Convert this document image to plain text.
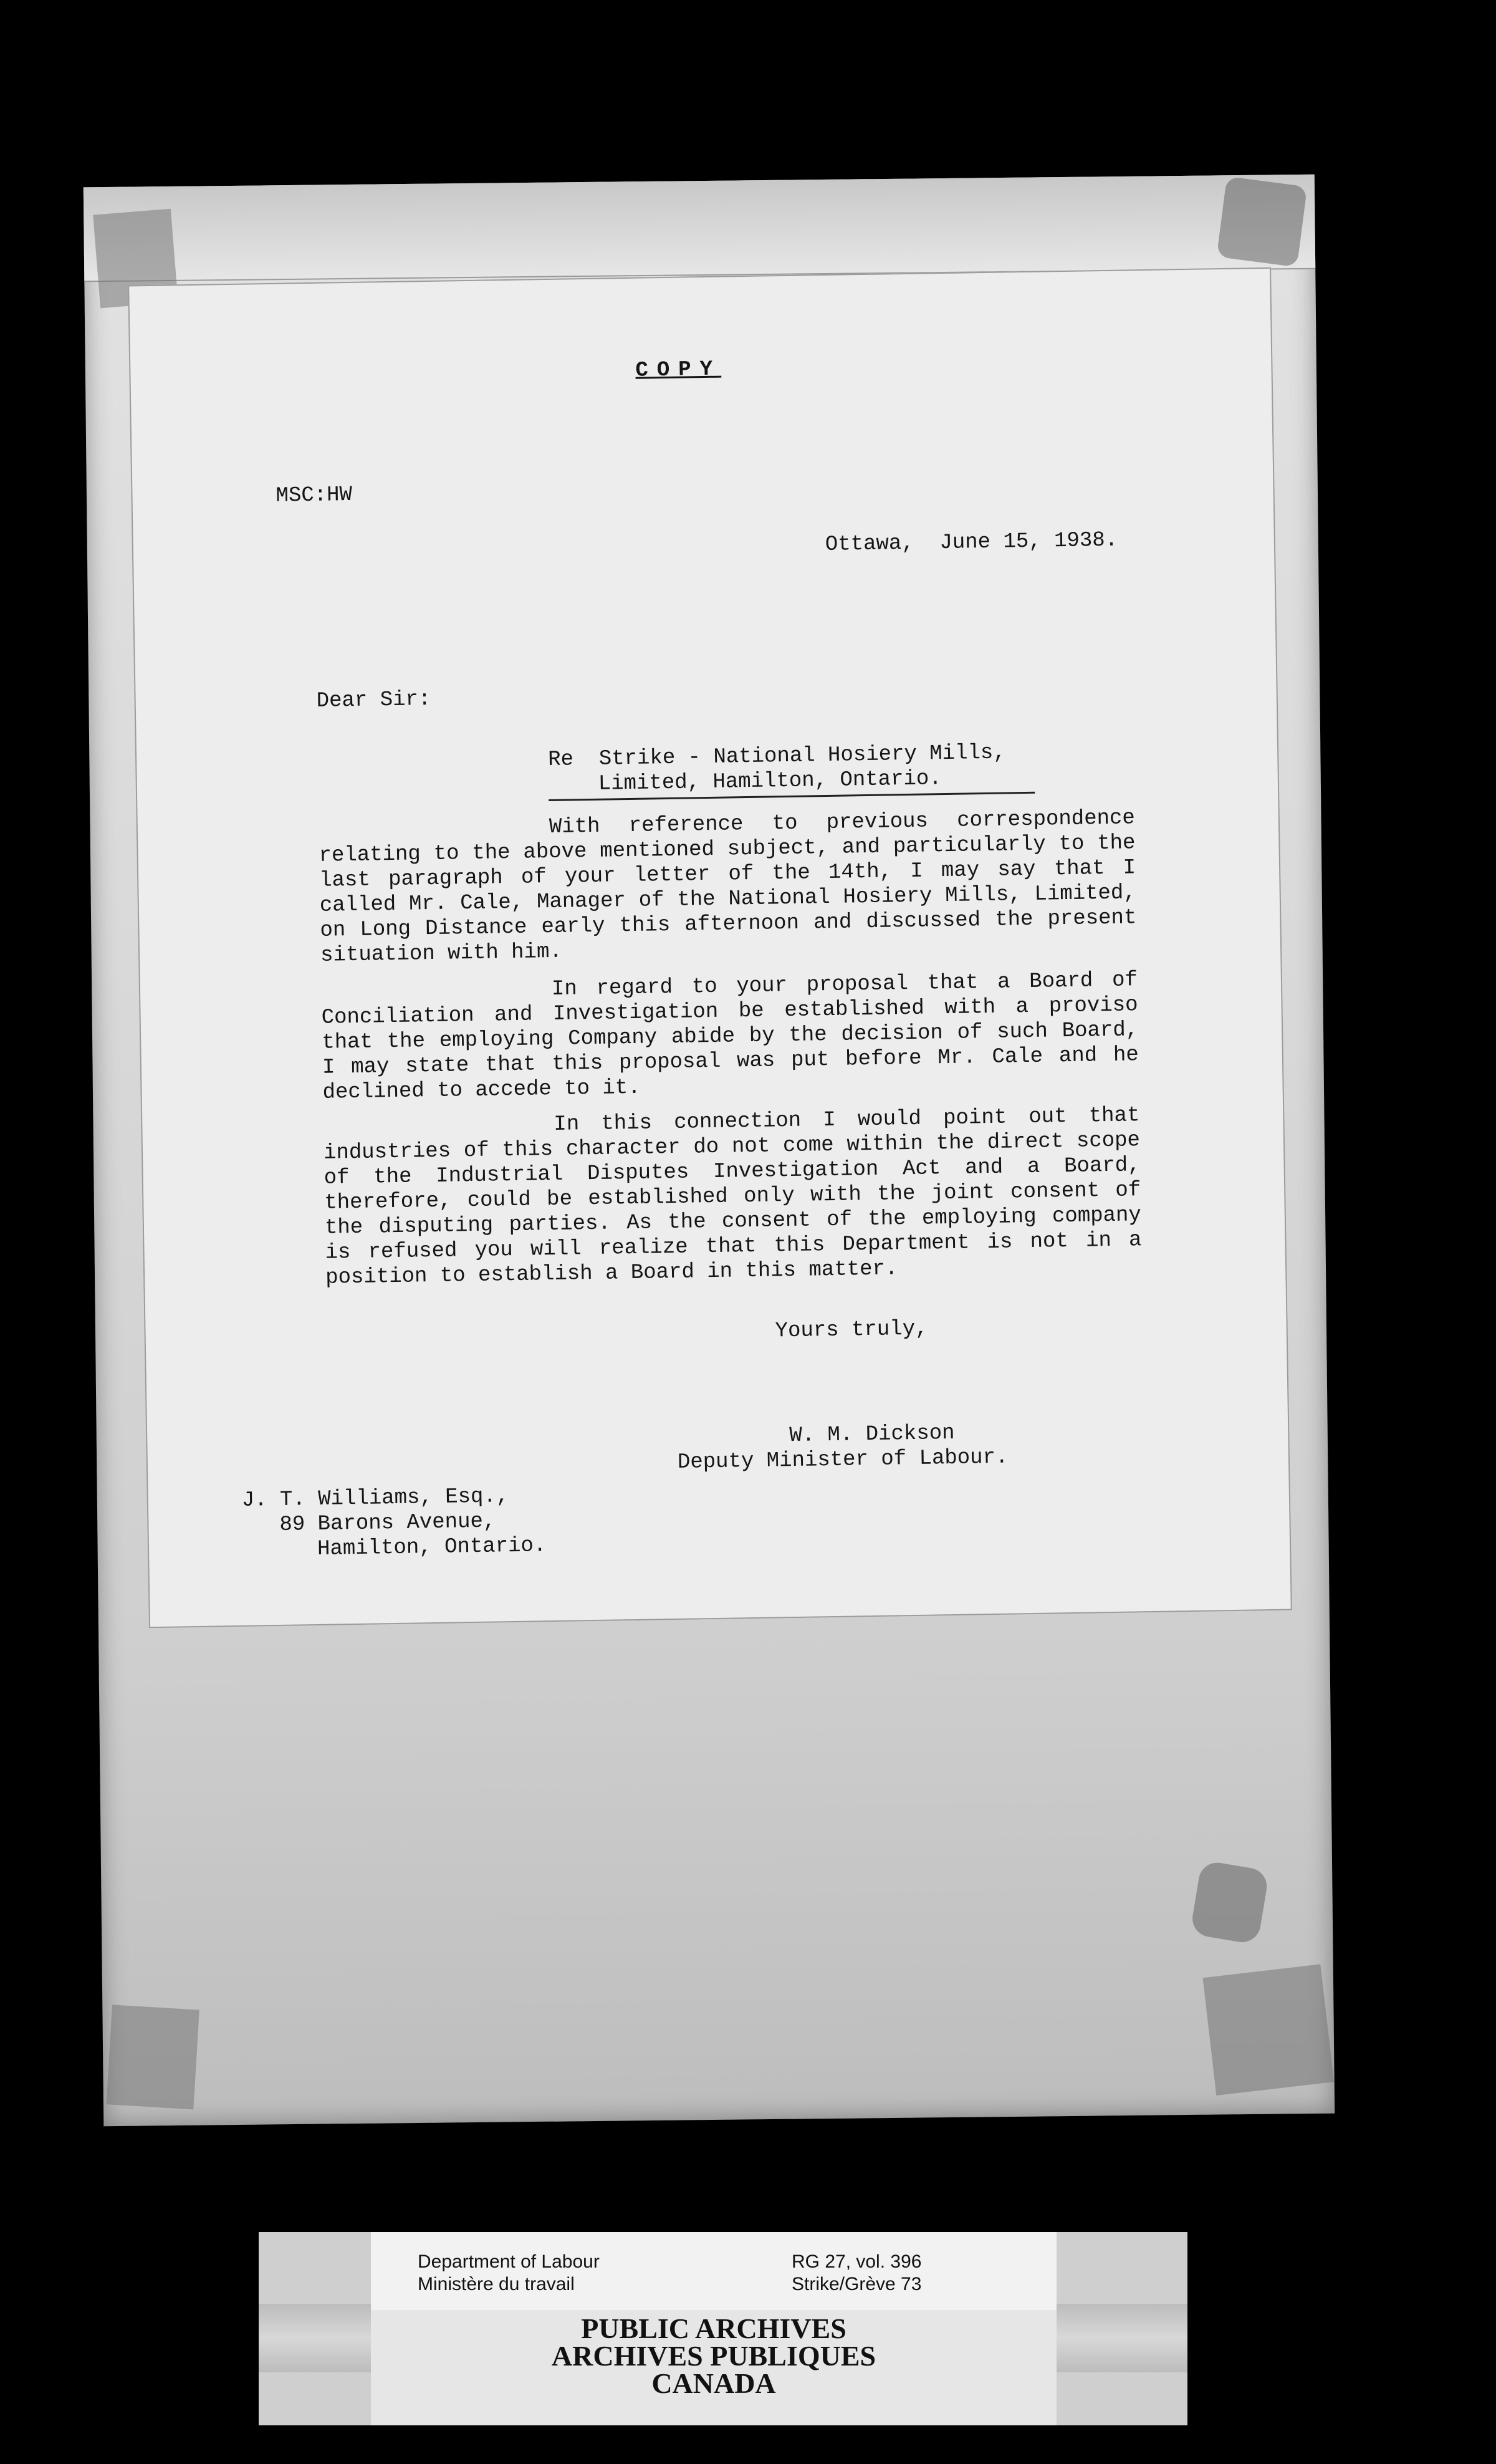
COPY
MSC:HW
Ottawa,  June 15, 1938.
Dear Sir:
Re  Strike - National Hosiery Mills,
Limited, Hamilton, Ontario.
With reference to previous correspondence relating to the above mentioned subject, and particularly to the last paragraph of your letter of the 14th, I may say that I called Mr. Cale, Manager of the National Hosiery Mills, Limited, on Long Distance early this afternoon and discussed the present situation with him.
In regard to your proposal that a Board of Conciliation and Investigation be established with a proviso that the employing Company abide by the decision of such Board, I may state that this proposal was put before Mr. Cale and he declined to accede to it.
In this connection I would point out that industries of this character do not come within the direct scope of the Industrial Disputes Investigation Act and a Board, therefore, could be established only with the joint consent of the disputing parties. As the consent of the employing company is refused you will realize that this Department is not in a position to establish a Board in this matter.
Yours truly,
W. M. Dickson
Deputy Minister of Labour.
J. T. Williams, Esq.,
89 Barons Avenue,
Hamilton, Ontario.
Department of Labour
Ministère du travail
RG 27, vol. 396
Strike/Grève 73
PUBLIC ARCHIVES
ARCHIVES PUBLIQUES
CANADA
